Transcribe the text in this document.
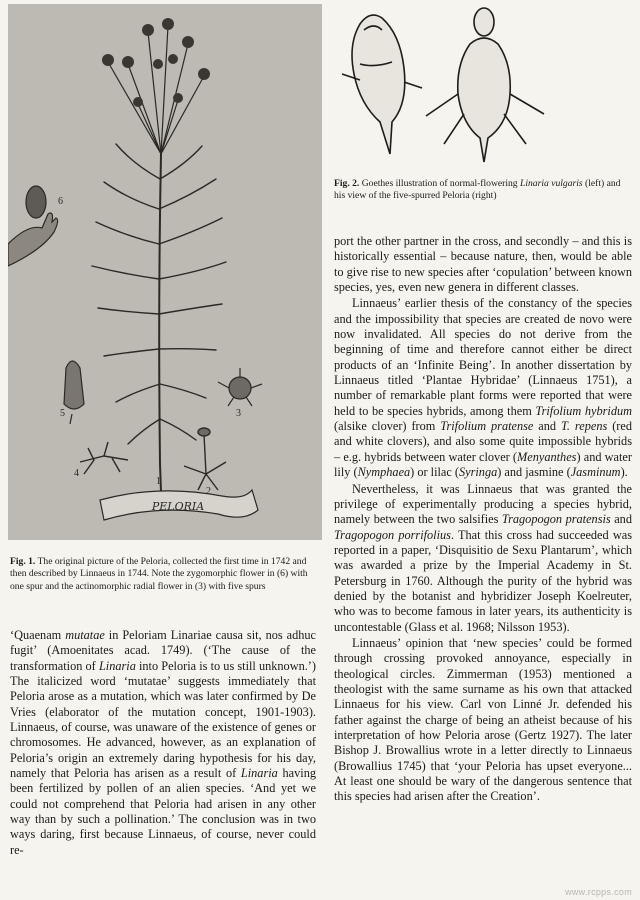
PELORIA
6
5
4
3
2
1

Fig. 1. The original picture of the Peloria, collected the first time in 1742 and then described by Linnaeus in 1744. Note the zygomorphic flower in (6) with one spur and the actinomorphic radial flower in (3) with five spurs

Fig. 2. Goethes illustration of normal-flowering Linaria vulgaris (left) and his view of the five-spurred Peloria (right)

‘Quaenam mutatae in Peloriam Linariae causa sit, nos adhuc fugit’ (Amoenitates acad. 1749). (‘The cause of the transformation of Linaria into Peloria is to us still unknown.’) The italicized word ‘mutatae’ suggests immediately that Peloria arose as a mutation, which was later confirmed by De Vries (elaborator of the mutation concept, 1901-1903). Linnaeus, of course, was unaware of the existence of genes or chromosomes. He advanced, however, as an explanation of Peloria’s origin an extremely daring hypothesis for his day, namely that Peloria has arisen as a result of Linaria having been fertilized by pollen of an alien species. ‘And yet we could not comprehend that Peloria had arisen in any other way than by such a pollination.’ The conclusion was in two ways daring, first because Linnaeus, of course, never could re-

port the other partner in the cross, and secondly – and this is historically essential – because nature, then, would be able to give rise to new species after ‘copulation’ between known species, yes, even new genera in different classes.

Linnaeus’ earlier thesis of the constancy of the species and the impossibility that species are created de novo were now invalidated. All species do not derive from the beginning of time and therefore cannot either be direct products of an ‘Infinite Being’. In another dissertation by Linnaeus titled ‘Plantae Hybridae’ (Linnaeus 1751), a number of remarkable plant forms were reported that were held to be species hybrids, among them Trifolium hybridum (alsike clover) from Trifolium pratense and T. repens (red and white clovers), and also some quite impossible hybrids – e.g. hybrids between water clover (Menyanthes) and water lily (Nymphaea) or lilac (Syringa) and jasmine (Jasminum).

Nevertheless, it was Linnaeus that was granted the privilege of experimentally producing a species hybrid, namely between the two salsifies Tragopogon pratensis and Tragopogon porrifolius. That this cross had succeeded was reported in a paper, ‘Disquisitio de Sexu Plantarum’, which was awarded a prize by the Imperial Academy in St. Petersburg in 1760. Although the purity of the hybrid was denied by the botanist and hybridizer Joseph Koelreuter, who was to become famous in later years, its authenticity is uncontestable (Glass et al. 1968; Nilsson 1953).

Linnaeus’ opinion that ‘new species’ could be formed through crossing provoked annoyance, especially in theological circles. Zimmerman (1953) mentioned a theologist with the same surname as his own that attacked Linnaeus for his view. Carl von Linné Jr. defended his father against the charge of being an atheist because of his interpretation of how Peloria arose (Gertz 1927). The later Bishop J. Browallius wrote in a letter directly to Linnaeus (Browallius 1745) that ‘your Peloria has upset everyone... At least one should be wary of the dangerous sentence that this species had arisen after the Creation’.

www.rcpps.com
